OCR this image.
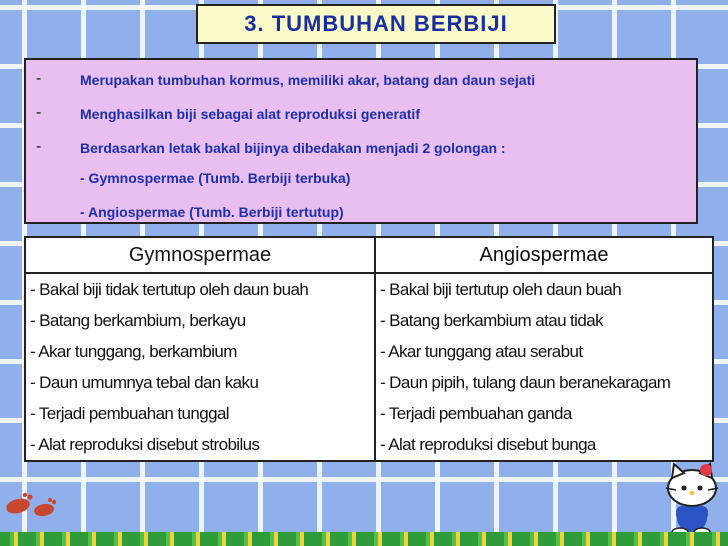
3. TUMBUHAN BERBIJI
-	Merupakan tumbuhan kormus, memiliki akar, batang dan daun sejati
-	Menghasilkan biji sebagai alat reproduksi generatif
-	Berdasarkan letak bakal bijinya dibedakan menjadi 2 golongan :
- Gymnospermae (Tumb. Berbiji terbuka)
- Angiospermae (Tumb. Berbiji tertutup)
Gymnospermae	Angiospermae
- Bakal biji tidak tertutup oleh daun buah	- Bakal biji tertutup oleh daun buah
- Batang berkambium, berkayu	- Batang berkambium atau tidak
- Akar tunggang, berkambium	- Akar tunggang atau serabut
- Daun umumnya tebal dan kaku	- Daun pipih, tulang daun beranekaragam
- Terjadi pembuahan tunggal	- Terjadi pembuahan ganda
- Alat reproduksi disebut strobilus	- Alat reproduksi disebut bunga
